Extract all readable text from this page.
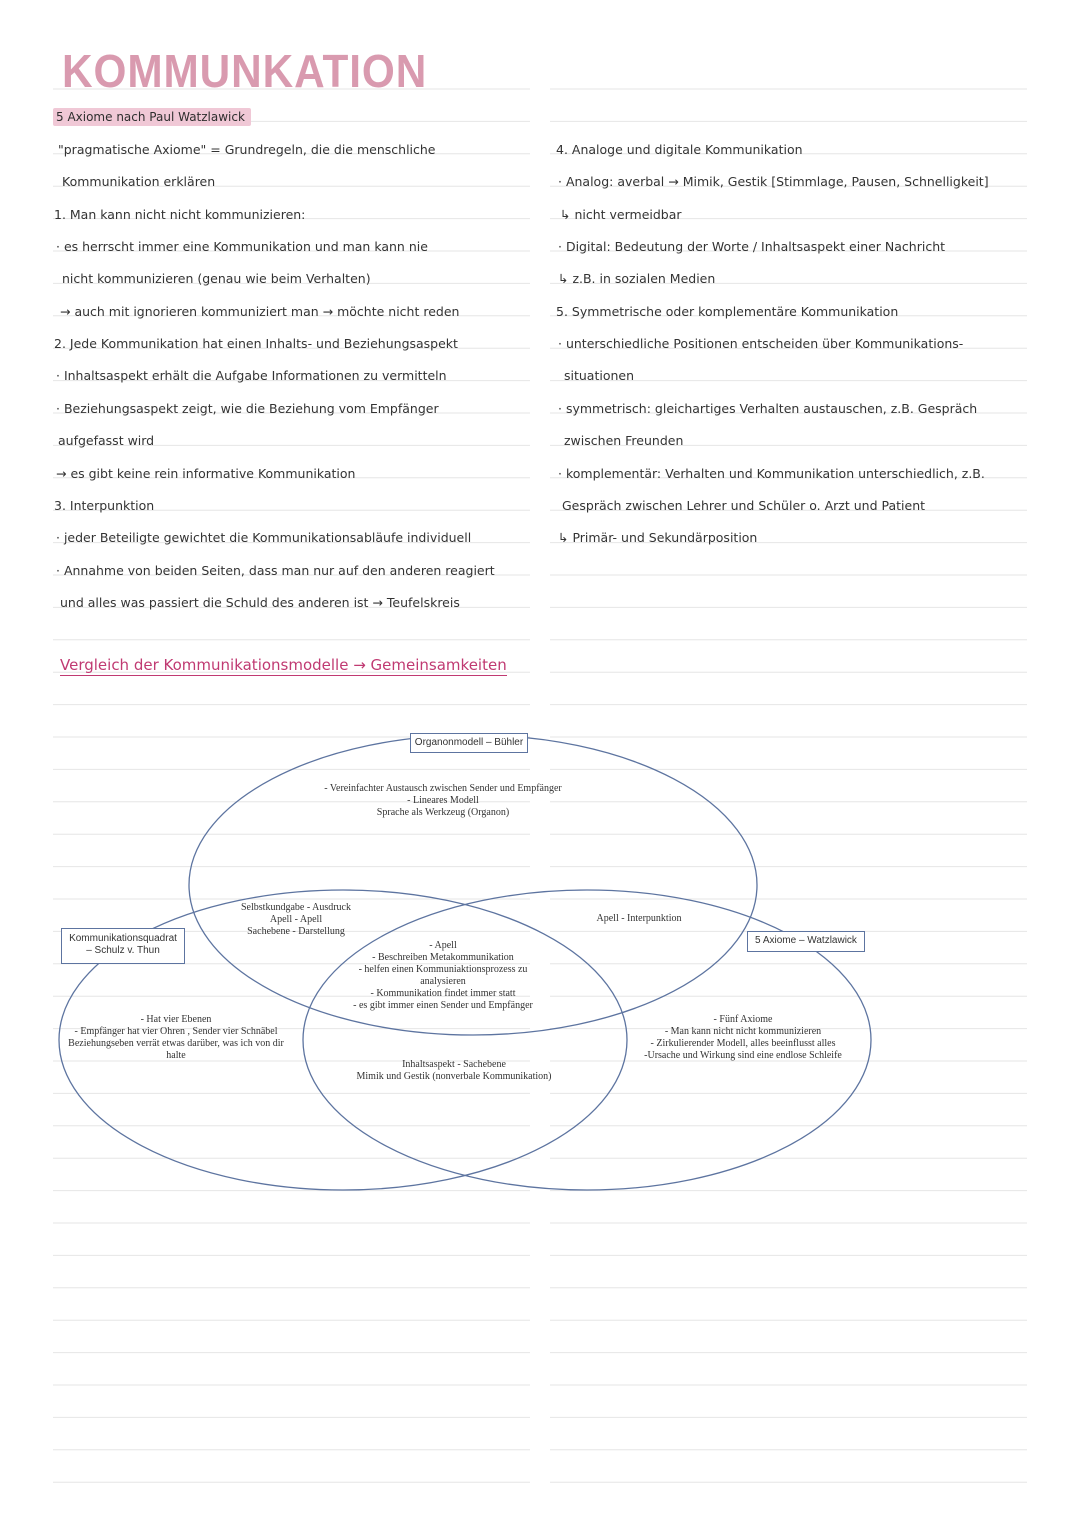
KOMMUNKATION
5 Axiome nach Paul Watzlawick

"pragmatische Axiome" = Grundregeln, die die menschliche

Kommunikation erklären

1. Man kann nicht nicht kommunizieren:

· es herrscht immer eine Kommunikation und man kann nie

nicht kommunizieren (genau wie beim Verhalten)

→ auch mit ignorieren kommuniziert man → möchte nicht reden

2. Jede Kommunikation hat einen Inhalts- und Beziehungsaspekt

· Inhaltsaspekt erhält die Aufgabe Informationen zu vermitteln

· Beziehungsaspekt zeigt, wie die Beziehung vom Empfänger

aufgefasst wird

→ es gibt keine rein informative Kommunikation

3. Interpunktion

· jeder Beteiligte gewichtet die Kommunikationsabläufe individuell

· Annahme von beiden Seiten, dass man nur auf den anderen reagiert

und alles was passiert die Schuld des anderen ist → Teufelskreis

4. Analoge und digitale Kommunikation

· Analog: averbal → Mimik, Gestik [Stimmlage, Pausen, Schnelligkeit]

↳ nicht vermeidbar

· Digital: Bedeutung der Worte / Inhaltsaspekt einer Nachricht

↳ z.B. in sozialen Medien

5. Symmetrische oder komplementäre Kommunikation

· unterschiedliche Positionen entscheiden über Kommunikations-

situationen

· symmetrisch: gleichartiges Verhalten austauschen, z.B. Gespräch

zwischen Freunden

· komplementär: Verhalten und Kommunikation unterschiedlich, z.B.

Gespräch zwischen Lehrer und Schüler o. Arzt und Patient

↳ Primär- und Sekundärposition

Vergleich der Kommunikationsmodelle → Gemeinsamkeiten
Organonmodell – Bühler
Kommunikationsquadrat
– Schulz v. Thun
5 Axiome – Watzlawick
- Vereinfachter Austausch zwischen Sender und Empfänger
- Lineares Modell
Sprache als Werkzeug (Organon)
Selbstkundgabe - Ausdruck
Apell - Apell
Sachebene - Darstellung
Apell - Interpunktion
- Apell
- Beschreiben Metakommunikation
- helfen einen Kommuniaktionsprozess zu
analysieren
- Kommunikation findet immer statt
- es gibt immer einen Sender und Empfänger
- Hat vier Ebenen
- Empfänger hat vier Ohren , Sender vier Schnäbel
Beziehungseben verrät etwas darüber, was ich von dir
halte
Inhaltsaspekt - Sachebene
Mimik und Gestik (nonverbale Kommunikation)
- Fünf Axiome
- Man kann nicht nicht kommunizieren
- Zirkulierender Modell, alles beeinflusst alles
-Ursache und Wirkung sind eine endlose Schleife
